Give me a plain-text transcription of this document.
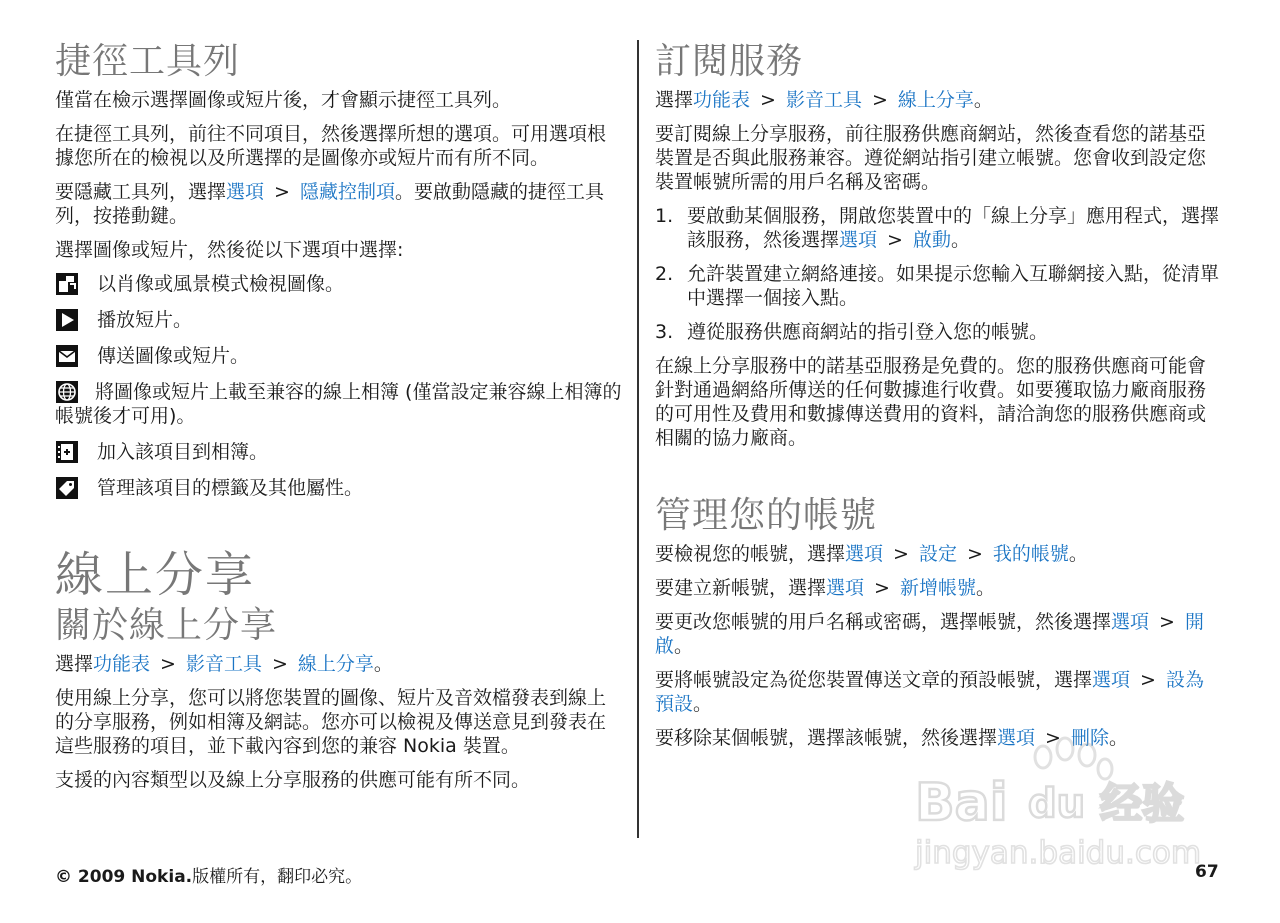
捷徑工具列

僅當在檢示選擇圖像或短片後，才會顯示捷徑工具列。

在捷徑工具列，前往不同項目，然後選擇所想的選項。可用選項根據您所在的檢視以及所選擇的是圖像亦或短片而有所不同。

要隱藏工具列，選擇選項 > 隱藏控制項。要啟動隱藏的捷徑工具列，按捲動鍵。

選擇圖像或短片，然後從以下選項中選擇:

以肖像或風景模式檢視圖像。
播放短片。
傳送圖像或短片。
將圖像或短片上載至兼容的線上相簿 (僅當設定兼容線上相簿的帳號後才可用)。
加入該項目到相簿。
管理該項目的標籤及其他屬性。
線上分享
關於線上分享

選擇功能表 > 影音工具 > 線上分享。

使用線上分享，您可以將您裝置的圖像、短片及音效檔發表到線上的分享服務，例如相簿及網誌。您亦可以檢視及傳送意見到發表在這些服務的項目，並下載內容到您的兼容 Nokia 裝置。

支援的內容類型以及線上分享服務的供應可能有所不同。

訂閱服務

選擇功能表 > 影音工具 > 線上分享。

要訂閱線上分享服務，前往服務供應商網站，然後查看您的諾基亞裝置是否與此服務兼容。遵從網站指引建立帳號。您會收到設定您裝置帳號所需的用戶名稱及密碼。

1. 要啟動某個服務，開啟您裝置中的「線上分享」應用程式，選擇該服務，然後選擇選項 > 啟動。
2. 允許裝置建立網絡連接。如果提示您輸入互聯網接入點，從清單中選擇一個接入點。
3. 遵從服務供應商網站的指引登入您的帳號。

在線上分享服務中的諾基亞服務是免費的。您的服務供應商可能會針對通過網絡所傳送的任何數據進行收費。如要獲取協力廠商服務的可用性及費用和數據傳送費用的資料，請洽詢您的服務供應商或相關的協力廠商。

管理您的帳號

要檢視您的帳號，選擇選項 > 設定 > 我的帳號。

要建立新帳號，選擇選項 > 新增帳號。

要更改您帳號的用戶名稱或密碼，選擇帳號，然後選擇選項 > 開啟。

要將帳號設定為從您裝置傳送文章的預設帳號，選擇選項 > 設為預設。

要移除某個帳號，選擇該帳號，然後選擇選項 > 刪除。

Bai du 经验
jingyan.baidu.com
© 2009 Nokia.版權所有，翻印必究。	67
